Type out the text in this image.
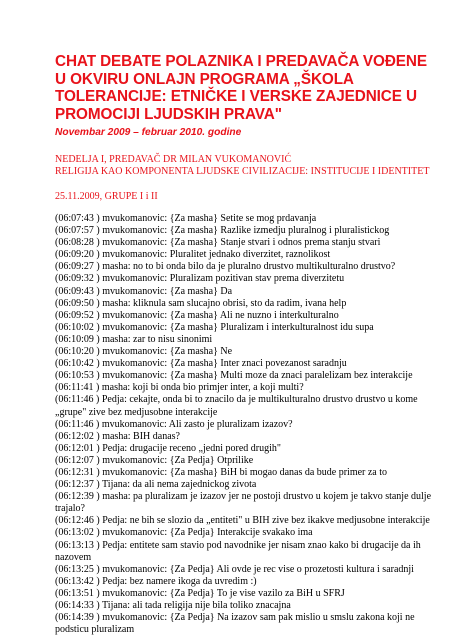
CHAT DEBATE POLAZNIKA I PREDAVAČA VOĐENE
U OKVIRU ONLAJN PROGRAMA „ŠKOLA
TOLERANCIJE: ETNIČKE I VERSKE ZAJEDNICE U
PROMOCIJI LJUDSKIH PRAVA"
Novembar 2009 – februar 2010. godine
NEDELJA I, PREDAVAČ DR MILAN VUKOMANOVIĆ
RELIGIJA KAO KOMPONENTA LJUDSKE CIVILIZACIJE: INSTITUCIJE I IDENTITET
25.11.2009, GRUPE I i II
(06:07:43 ) mvukomanovic: {Za masha} Setite se mog prdavanja
(06:07:57 ) mvukomanovic: {Za masha} Razlike izmedju pluralnog i pluralistickog
(06:08:28 ) mvukomanovic: {Za masha} Stanje stvari i odnos prema stanju stvari
(06:09:20 ) mvukomanovic: Pluralitet jednako diverzitet, raznolikost
(06:09:27 ) masha: no to bi onda bilo da je pluralno drustvo multikulturalno drustvo?
(06:09:32 ) mvukomanovic: Pluralizam pozitivan stav prema diverzitetu
(06:09:43 ) mvukomanovic: {Za masha} Da
(06:09:50 ) masha: kliknula sam slucajno obrisi, sto da radim, ivana help
(06:09:52 ) mvukomanovic: {Za masha} Ali ne nuzno i interkulturalno
(06:10:02 ) mvukomanovic: {Za masha} Pluralizam i interkulturalnost idu supa
(06:10:09 ) masha: zar to nisu sinonimi
(06:10:20 ) mvukomanovic: {Za masha} Ne
(06:10:42 ) mvukomanovic: {Za masha} Inter znaci povezanost saradnju
(06:10:53 ) mvukomanovic: {Za masha} Multi moze da znaci paralelizam bez interakcije
(06:11:41 ) masha: koji bi onda bio primjer inter, a koji multi?
(06:11:46 ) Pedja: cekajte, onda bi to znacilo da je multikulturalno drustvo drustvo u kome
„grupe" zive bez medjusobne interakcije
(06:11:46 ) mvukomanovic: Ali zasto je pluralizam izazov?
(06:12:02 ) masha: BIH danas?
(06:12:01 ) Pedja: drugacije receno „jedni pored drugih"
(06:12:07 ) mvukomanovic: {Za Pedja} Otprilike
(06:12:31 ) mvukomanovic: {Za masha} BiH bi mogao danas da bude primer za to
(06:12:37 ) Tijana: da ali nema zajednickog zivota
(06:12:39 ) masha: pa pluralizam je izazov jer ne postoji drustvo u kojem je takvo stanje dulje
trajalo?
(06:12:46 ) Pedja: ne bih se slozio da „entiteti" u BIH zive bez ikakve medjusobne interakcije
(06:13:02 ) mvukomanovic: {Za Pedja} Interakcije svakako ima
(06:13:13 ) Pedja: entitete sam stavio pod navodnike jer nisam znao kako bi drugacije da ih
nazovem
(06:13:25 ) mvukomanovic: {Za Pedja} Ali ovde je rec vise o prozetosti kultura i saradnji
(06:13:42 ) Pedja: bez namere ikoga da uvredim :)
(06:13:51 ) mvukomanovic: {Za Pedja} To je vise vazilo za BiH u SFRJ
(06:14:33 ) Tijana: ali tada religija nije bila toliko znacajna
(06:14:39 ) mvukomanovic: {Za Pedja} Na izazov sam pak mislio u smslu zakona koji ne
podsticu pluralizam
